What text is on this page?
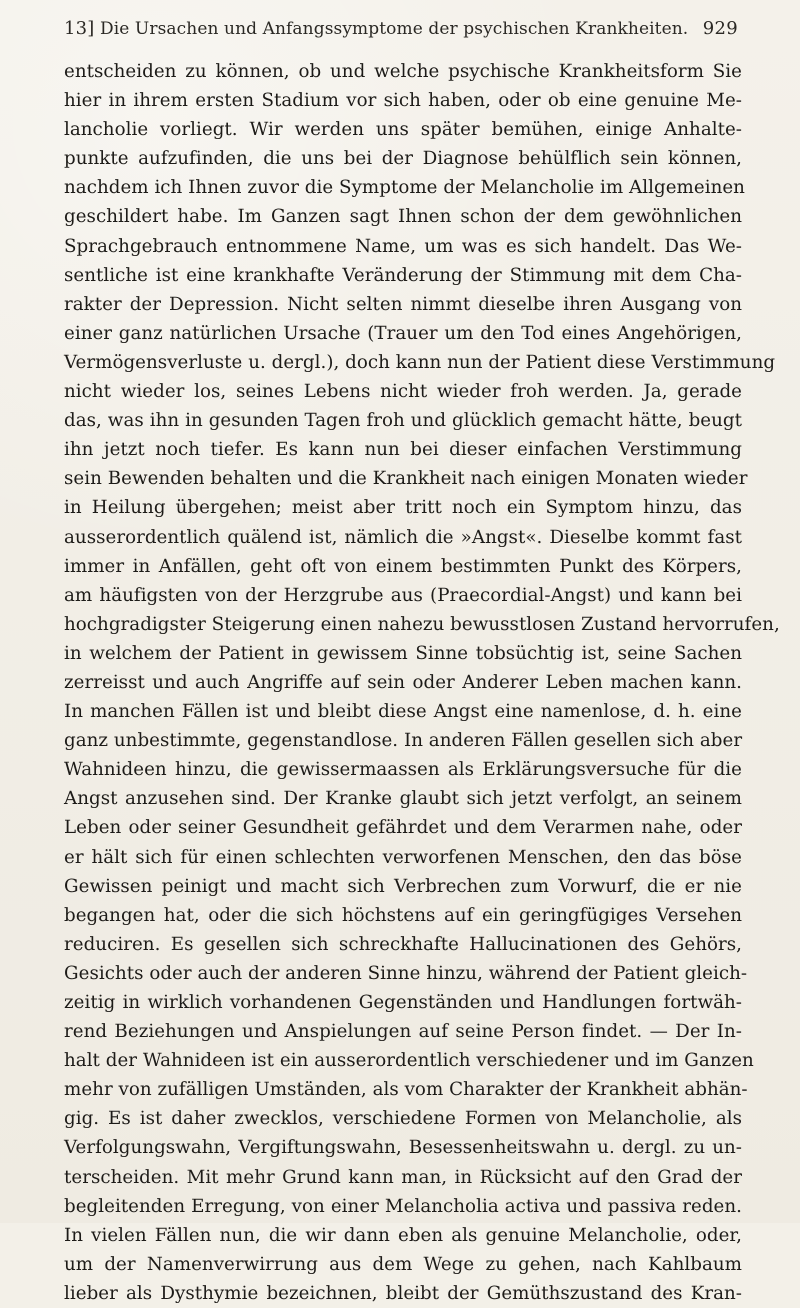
13] Die Ursachen und Anfangssymptome der psychischen Krankheiten. 929
entscheiden zu können, ob und welche psychische Krankheitsform Sie
hier in ihrem ersten Stadium vor sich haben, oder ob eine genuine Me-
lancholie vorliegt. Wir werden uns später bemühen, einige Anhalte-
punkte aufzufinden, die uns bei der Diagnose behülflich sein können,
nachdem ich Ihnen zuvor die Symptome der Melancholie im Allgemeinen
geschildert habe. Im Ganzen sagt Ihnen schon der dem gewöhnlichen
Sprachgebrauch entnommene Name, um was es sich handelt. Das We-
sentliche ist eine krankhafte Veränderung der Stimmung mit dem Cha-
rakter der Depression. Nicht selten nimmt dieselbe ihren Ausgang von
einer ganz natürlichen Ursache (Trauer um den Tod eines Angehörigen,
Vermögensverluste u. dergl.), doch kann nun der Patient diese Verstimmung
nicht wieder los, seines Lebens nicht wieder froh werden. Ja, gerade
das, was ihn in gesunden Tagen froh und glücklich gemacht hätte, beugt
ihn jetzt noch tiefer. Es kann nun bei dieser einfachen Verstimmung
sein Bewenden behalten und die Krankheit nach einigen Monaten wieder
in Heilung übergehen; meist aber tritt noch ein Symptom hinzu, das
ausserordentlich quälend ist, nämlich die »Angst«. Dieselbe kommt fast
immer in Anfällen, geht oft von einem bestimmten Punkt des Körpers,
am häufigsten von der Herzgrube aus (Praecordial-Angst) und kann bei
hochgradigster Steigerung einen nahezu bewusstlosen Zustand hervorrufen,
in welchem der Patient in gewissem Sinne tobsüchtig ist, seine Sachen
zerreisst und auch Angriffe auf sein oder Anderer Leben machen kann.
In manchen Fällen ist und bleibt diese Angst eine namenlose, d. h. eine
ganz unbestimmte, gegenstandlose. In anderen Fällen gesellen sich aber
Wahnideen hinzu, die gewissermaassen als Erklärungsversuche für die
Angst anzusehen sind. Der Kranke glaubt sich jetzt verfolgt, an seinem
Leben oder seiner Gesundheit gefährdet und dem Verarmen nahe, oder
er hält sich für einen schlechten verworfenen Menschen, den das böse
Gewissen peinigt und macht sich Verbrechen zum Vorwurf, die er nie
begangen hat, oder die sich höchstens auf ein geringfügiges Versehen
reduciren. Es gesellen sich schreckhafte Hallucinationen des Gehörs,
Gesichts oder auch der anderen Sinne hinzu, während der Patient gleich-
zeitig in wirklich vorhandenen Gegenständen und Handlungen fortwäh-
rend Beziehungen und Anspielungen auf seine Person findet. — Der In-
halt der Wahnideen ist ein ausserordentlich verschiedener und im Ganzen
mehr von zufälligen Umständen, als vom Charakter der Krankheit abhän-
gig. Es ist daher zwecklos, verschiedene Formen von Melancholie, als
Verfolgungswahn, Vergiftungswahn, Besessenheitswahn u. dergl. zu un-
terscheiden. Mit mehr Grund kann man, in Rücksicht auf den Grad der
begleitenden Erregung, von einer Melancholia activa und passiva reden.
In vielen Fällen nun, die wir dann eben als genuine Melancholie, oder,
um der Namenverwirrung aus dem Wege zu gehen, nach Kahlbaum
lieber als Dysthymie bezeichnen, bleibt der Gemüthszustand des Kran-
